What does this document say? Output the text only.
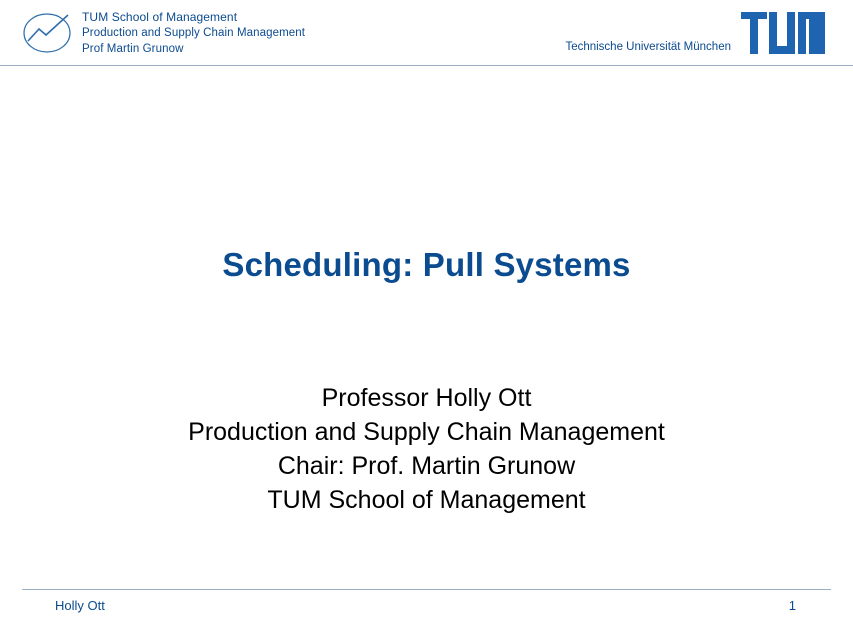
TUM School of Management
Production and Supply Chain Management
Prof Martin Grunow	Technische Universität München
Scheduling: Pull Systems
Professor Holly Ott
Production and Supply Chain Management
Chair: Prof. Martin Grunow
TUM School of Management
Holly Ott	1
